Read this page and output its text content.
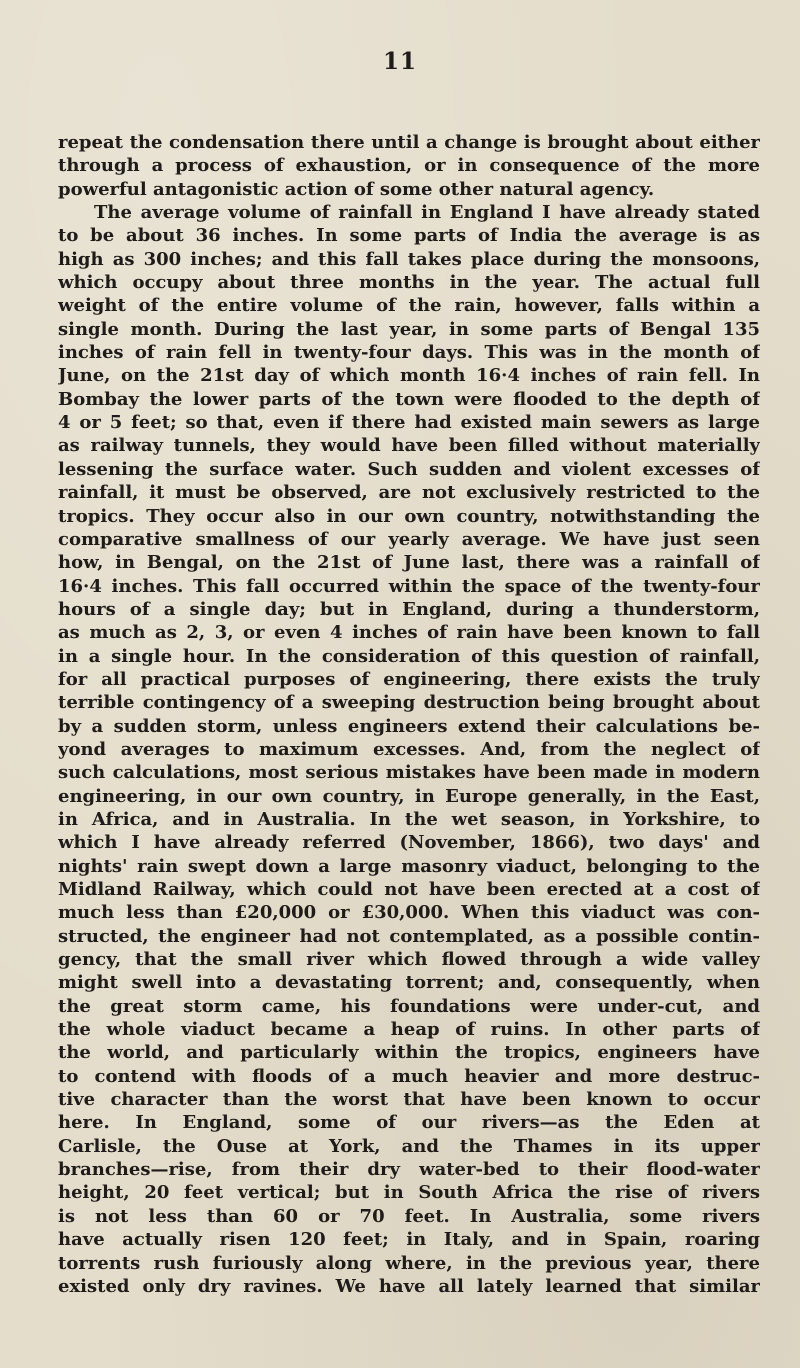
11
repeat the condensation there until a change is brought about either
through a process of exhaustion, or in consequence of the more
powerful antagonistic action of some other natural agency.
The average volume of rainfall in England I have already stated
to be about 36 inches. In some parts of India the average is as
high as 300 inches; and this fall takes place during the monsoons,
which occupy about three months in the year. The actual full
weight of the entire volume of the rain, however, falls within a
single month. During the last year, in some parts of Bengal 135
inches of rain fell in twenty-four days. This was in the month of
June, on the 21st day of which month 16·4 inches of rain fell. In
Bombay the lower parts of the town were flooded to the depth of
4 or 5 feet; so that, even if there had existed main sewers as large
as railway tunnels, they would have been filled without materially
lessening the surface water. Such sudden and violent excesses of
rainfall, it must be observed, are not exclusively restricted to the
tropics. They occur also in our own country, notwithstanding the
comparative smallness of our yearly average. We have just seen
how, in Bengal, on the 21st of June last, there was a rainfall of
16·4 inches. This fall occurred within the space of the twenty-four
hours of a single day; but in England, during a thunderstorm,
as much as 2, 3, or even 4 inches of rain have been known to fall
in a single hour. In the consideration of this question of rainfall,
for all practical purposes of engineering, there exists the truly
terrible contingency of a sweeping destruction being brought about
by a sudden storm, unless engineers extend their calculations be-
yond averages to maximum excesses. And, from the neglect of
such calculations, most serious mistakes have been made in modern
engineering, in our own country, in Europe generally, in the East,
in Africa, and in Australia. In the wet season, in Yorkshire, to
which I have already referred (November, 1866), two days' and
nights' rain swept down a large masonry viaduct, belonging to the
Midland Railway, which could not have been erected at a cost of
much less than £20,000 or £30,000. When this viaduct was con-
structed, the engineer had not contemplated, as a possible contin-
gency, that the small river which flowed through a wide valley
might swell into a devastating torrent; and, consequently, when
the great storm came, his foundations were under-cut, and
the whole viaduct became a heap of ruins. In other parts of
the world, and particularly within the tropics, engineers have
to contend with floods of a much heavier and more destruc-
tive character than the worst that have been known to occur
here. In England, some of our rivers—as the Eden at
Carlisle, the Ouse at York, and the Thames in its upper
branches—rise, from their dry water-bed to their flood-water
height, 20 feet vertical; but in South Africa the rise of rivers
is not less than 60 or 70 feet. In Australia, some rivers
have actually risen 120 feet; in Italy, and in Spain, roaring
torrents rush furiously along where, in the previous year, there
existed only dry ravines. We have all lately learned that similar
